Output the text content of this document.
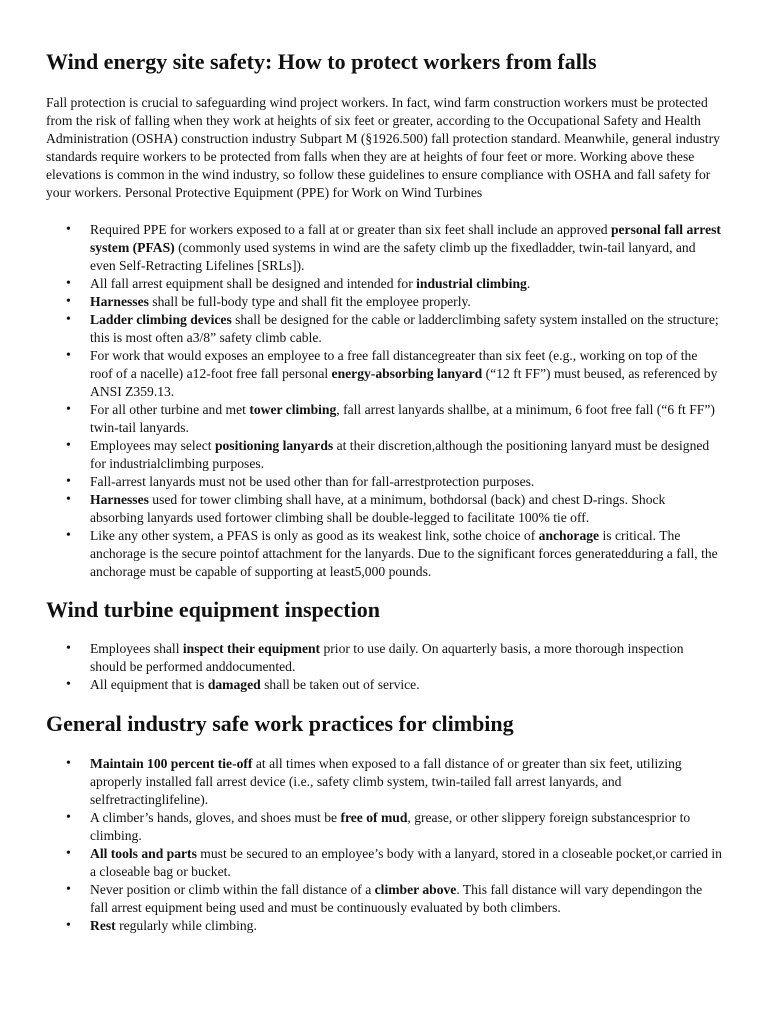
Wind energy site safety: How to protect workers from falls

Fall protection is crucial to safeguarding wind project workers. In fact, wind farm construction workers must be protected from the risk of falling when they work at heights of six feet or greater, according to the Occupational Safety and Health Administration (OSHA) construction industry Subpart M (§1926.500) fall protection standard. Meanwhile, general industry standards require workers to be protected from falls when they are at heights of four feet or more. Working above these elevations is common in the wind industry, so follow these guidelines to ensure compliance with OSHA and fall safety for your workers. Personal Protective Equipment (PPE) for Work on Wind Turbines

• Required PPE for workers exposed to a fall at or greater than six feet shall include an approved personal fall arrest system (PFAS) (commonly used systems in wind are the safety climb up the fixedladder, twin-tail lanyard, and even Self-Retracting Lifelines [SRLs]).
• All fall arrest equipment shall be designed and intended for industrial climbing.
• Harnesses shall be full-body type and shall fit the employee properly.
• Ladder climbing devices shall be designed for the cable or ladderclimbing safety system installed on the structure; this is most often a3/8” safety climb cable.
• For work that would exposes an employee to a free fall distancegreater than six feet (e.g., working on top of the roof of a nacelle) a12-foot free fall personal energy-absorbing lanyard (“12 ft FF”) must beused, as referenced by ANSI Z359.13.
• For all other turbine and met tower climbing, fall arrest lanyards shallbe, at a minimum, 6 foot free fall (“6 ft FF”) twin-tail lanyards.
• Employees may select positioning lanyards at their discretion,although the positioning lanyard must be designed for industrialclimbing purposes.
• Fall-arrest lanyards must not be used other than for fall-arrestprotection purposes.
• Harnesses used for tower climbing shall have, at a minimum, bothdorsal (back) and chest D-rings. Shock absorbing lanyards used fortower climbing shall be double-legged to facilitate 100% tie off.
• Like any other system, a PFAS is only as good as its weakest link, sothe choice of anchorage is critical. The anchorage is the secure pointof attachment for the lanyards. Due to the significant forces generatedduring a fall, the anchorage must be capable of supporting at least5,000 pounds.
Wind turbine equipment inspection
• Employees shall inspect their equipment prior to use daily. On aquarterly basis, a more thorough inspection should be performed anddocumented.
• All equipment that is damaged shall be taken out of service.
General industry safe work practices for climbing
• Maintain 100 percent tie-off at all times when exposed to a fall distance of or greater than six feet, utilizing aproperly installed fall arrest device (i.e., safety climb system, twin-tailed fall arrest lanyards, and selfretractinglifeline).
• A climber’s hands, gloves, and shoes must be free of mud, grease, or other slippery foreign substancesprior to climbing.
• All tools and parts must be secured to an employee’s body with a lanyard, stored in a closeable pocket,or carried in a closeable bag or bucket.
• Never position or climb within the fall distance of a climber above. This fall distance will vary dependingon the fall arrest equipment being used and must be continuously evaluated by both climbers.
• Rest regularly while climbing.
